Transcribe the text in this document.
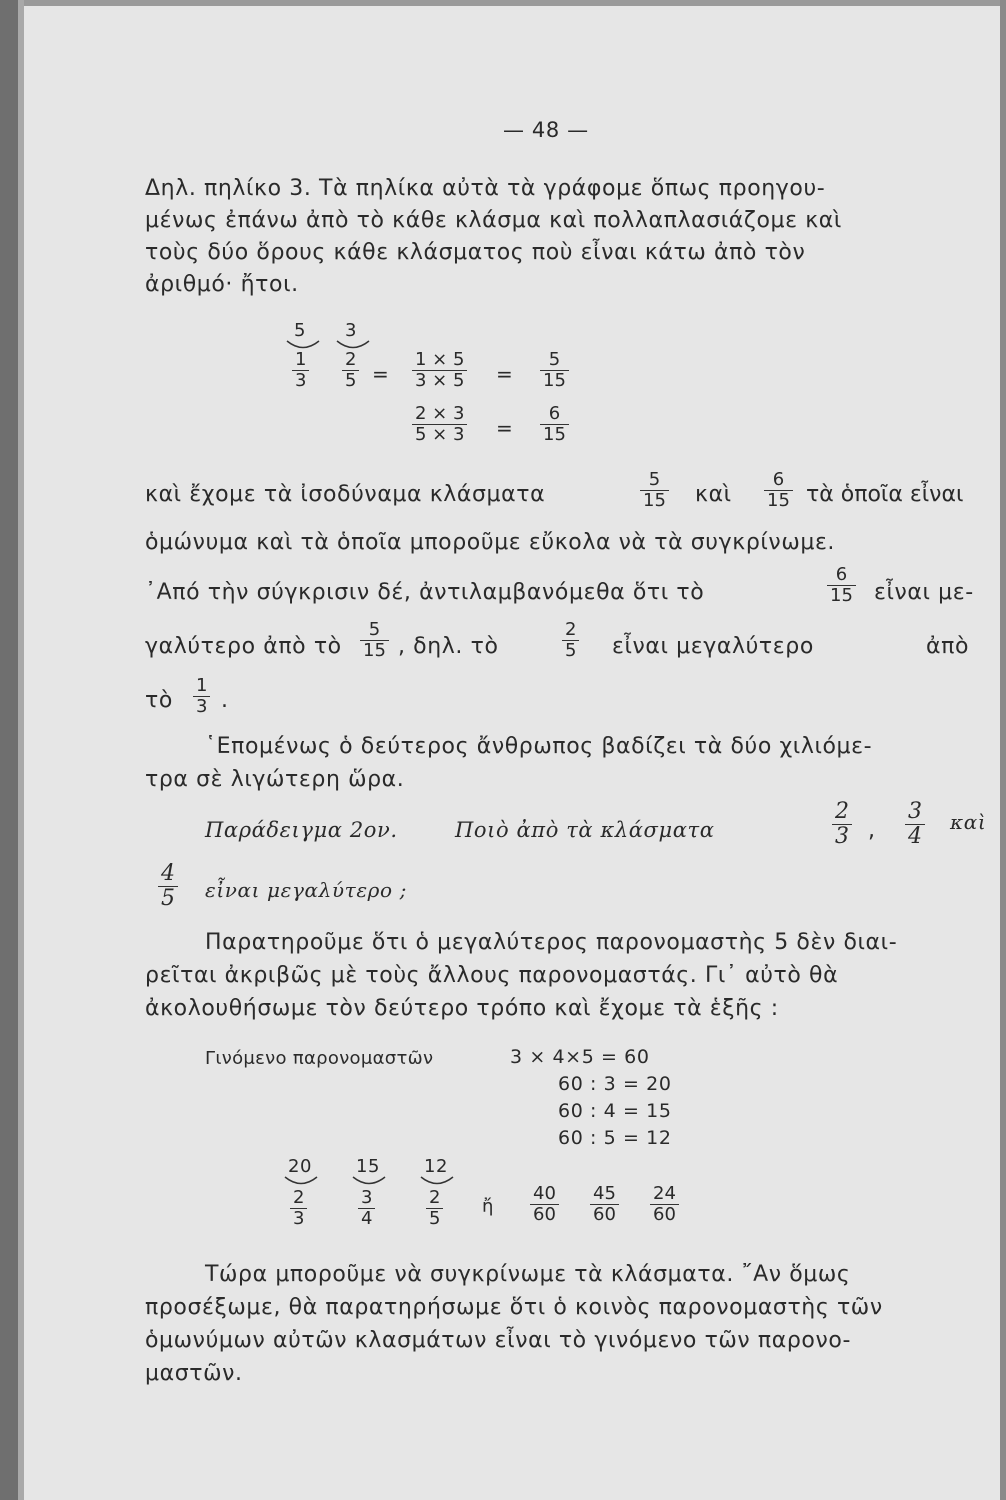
— 48 —
Δηλ. πηλίκο 3. Τὰ πηλίκα αὐτὰ τὰ γράφομε ὅπως προηγου-
μένως ἐπάνω ἀπὸ τὸ κάθε κλάσμα καὶ πολλαπλασιάζομε καὶ
τοὺς δύο ὅρους κάθε κλάσματος ποὺ εἶναι κάτω ἀπὸ τὸν
ἀριθμό· ἤτοι.
5 3
$\frac{1}{3} \frac{2}{5} = \frac{1 \times 5}{3 \times 5} = \frac{5}{15}$
$\frac{2 \times 3}{5 \times 3} = \frac{6}{15}$
καὶ ἔχομε τὰ ἰσοδύναμα κλάσματα	$\frac{5}{15}$ καὶ $\frac{6}{15}$ τὰ ὁποῖα εἶναι
ὁμώνυμα καὶ τὰ ὁποῖα μποροῦμε εὔκολα νὰ τὰ συγκρίνωμε.
᾿Από τὴν σύγκρισιν δέ, ἀντιλαμβανόμεθα ὅτι τὸ	$\frac{6}{15}$ εἶναι με-
γαλύτερο ἀπὸ τὸ $\frac{5}{15}$ , δηλ. τὸ	$\frac{2}{5}$ εἶναι μεγαλύτερο	ἀπὸ
τὸ $\frac{1}{3}$ .
῾Επομένως ὁ δεύτερος ἄνθρωπος βαδίζει τὰ δύο χιλιόμε-
τρα σὲ λιγώτερη ὥρα.
Παράδειγμα 2ον.	Ποιὸ ἀπὸ τὰ κλάσματα	$\frac{2}{3}$ , $\frac{3}{4}$ καὶ
$\frac{4}{5}$ εἶναι μεγαλύτερο ;
Παρατηροῦμε ὅτι ὁ μεγαλύτερος παρονομαστὴς 5 δὲν διαι-
ρεῖται ἀκριβῶς μὲ τοὺς ἄλλους παρονομαστάς. Γι᾿ αὐτὸ θὰ
ἀκολουθήσωμε τὸν δεύτερο τρόπο καὶ ἔχομε τὰ ἑξῆς :
Γινόμενο παρονομαστῶν	3 × 4×5 = 60
60 : 3 = 20
60 : 4 = 15
60 : 5 = 12
20 15 12
$\frac{2}{3}$	$\frac{3}{4}$	$\frac{2}{5}$ ἤ $\frac{40}{60} \frac{45}{60} \frac{24}{60}$
Τώρα μποροῦμε νὰ συγκρίνωμε τὰ κλάσματα. ῎Αν ὅμως
προσέξωμε, θὰ παρατηρήσωμε ὅτι ὁ κοινὸς παρονομαστὴς τῶν
ὁμωνύμων αὐτῶν κλασμάτων εἶναι τὸ γινόμενο τῶν παρονο-
μαστῶν.
